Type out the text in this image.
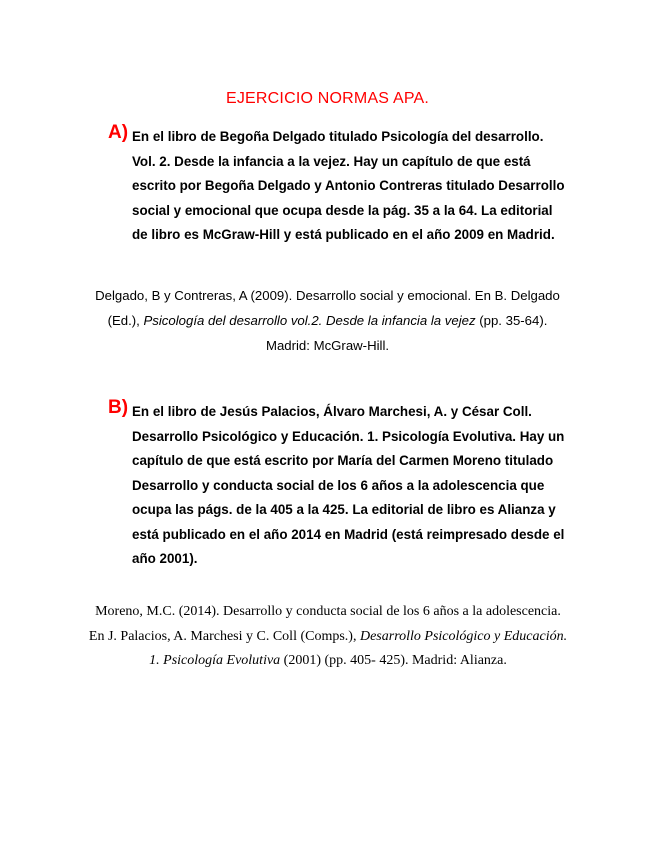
EJERCICIO NORMAS APA.
A) En el libro de Begoña Delgado titulado Psicología del desarrollo. Vol. 2. Desde la infancia a la vejez. Hay un capítulo de que está escrito por Begoña Delgado y Antonio Contreras titulado Desarrollo social y emocional que ocupa desde la pág. 35 a la 64. La editorial de libro es McGraw-Hill y está publicado en el año 2009 en Madrid.
Delgado, B y Contreras, A (2009). Desarrollo social y emocional. En B. Delgado (Ed.), Psicología del desarrollo vol.2. Desde la infancia la vejez (pp. 35-64). Madrid: McGraw-Hill.
B) En el libro de Jesús Palacios, Álvaro Marchesi, A. y César Coll. Desarrollo Psicológico y Educación. 1. Psicología Evolutiva. Hay un capítulo de que está escrito por María del Carmen Moreno titulado Desarrollo y conducta social de los 6 años a la adolescencia que ocupa las págs. de la 405 a la 425. La editorial de libro es Alianza y está publicado en el año 2014 en Madrid (está reimpresado desde el año 2001).
Moreno, M.C. (2014). Desarrollo y conducta social de los 6 años a la adolescencia. En J. Palacios, A. Marchesi y C. Coll (Comps.), Desarrollo Psicológico y Educación. 1. Psicología Evolutiva (2001) (pp. 405- 425). Madrid: Alianza.
